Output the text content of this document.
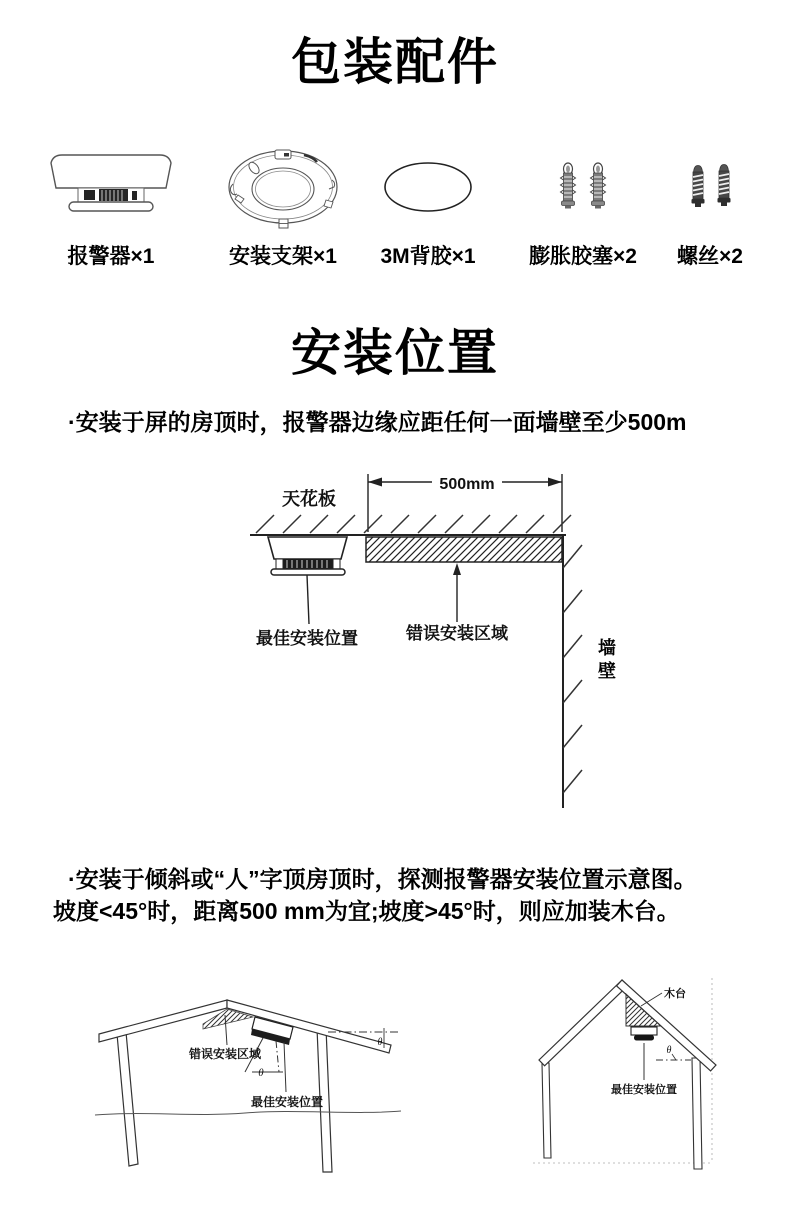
包装配件
报警器×1	安装支架×1 3M背胶×1	膨胀胶塞×2 螺丝×2
安装位置
·安装于屏的房顶时，报警器边缘应距任何一面墙壁至少500m
500mm
天花板
最佳安装位置	错误安装区域
墙壁
·安装于倾斜或“人”字顶房顶时，探测报警器安装位置示意图。
坡度<45°时，距离500 mm为宜;坡度>45°时，则应加装木台。
错误安装区域
最佳安装位置
θ
θ
木台
最佳安装位置
θ
